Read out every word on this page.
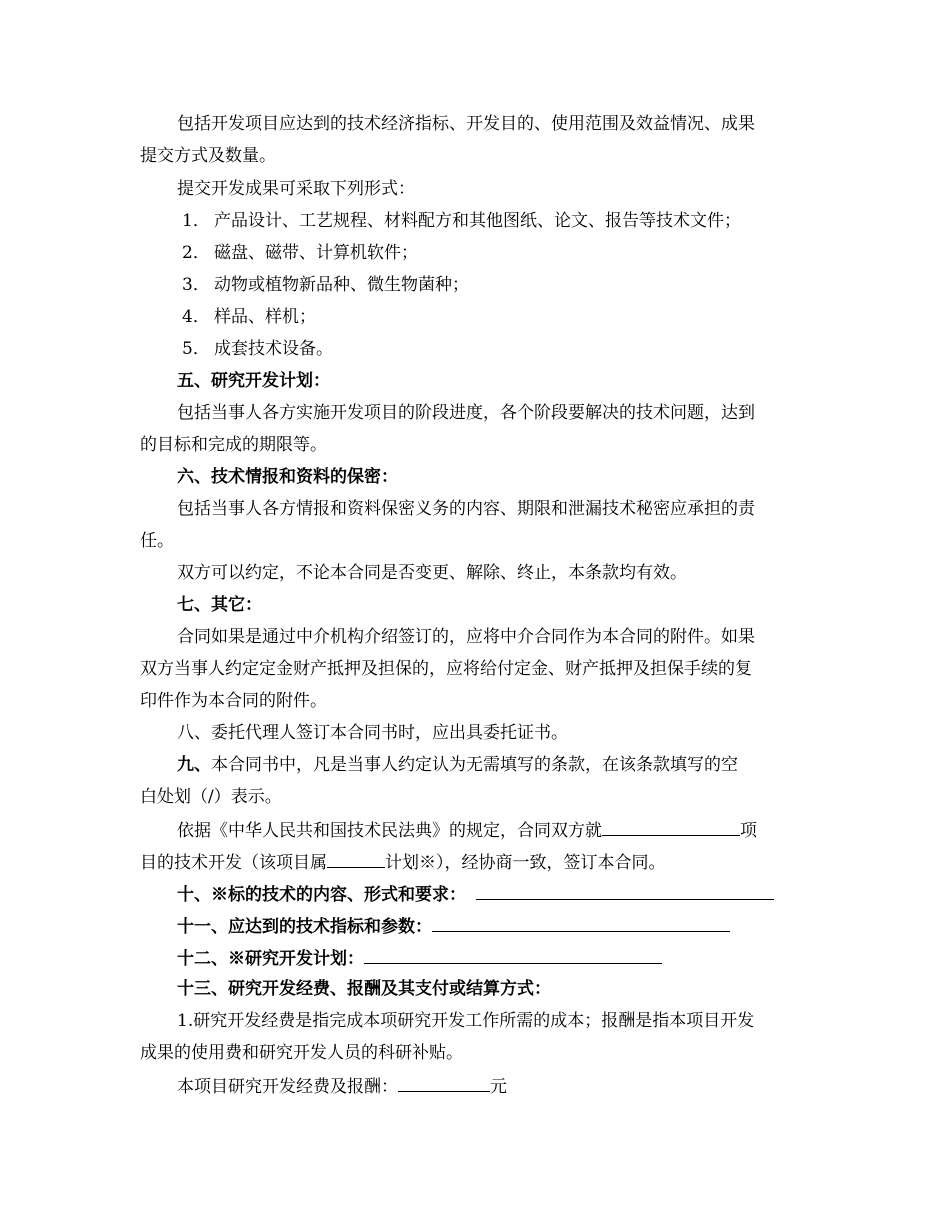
包括开发项目应达到的技术经济指标、开发目的、使用范围及效益情况、成果
提交方式及数量。
提交开发成果可采取下列形式：
1． 产品设计、工艺规程、材料配方和其他图纸、论文、报告等技术文件；
2． 磁盘、磁带、计算机软件；
3． 动物或植物新品种、微生物菌种；
4． 样品、样机；
5． 成套技术设备。
五、研究开发计划：
包括当事人各方实施开发项目的阶段进度，各个阶段要解决的技术问题，达到
的目标和完成的期限等。
六、技术情报和资料的保密：
包括当事人各方情报和资料保密义务的内容、期限和泄漏技术秘密应承担的责
任。
双方可以约定，不论本合同是否变更、解除、终止，本条款均有效。
七、其它：
合同如果是通过中介机构介绍签订的，应将中介合同作为本合同的附件。如果
双方当事人约定定金财产抵押及担保的，应将给付定金、财产抵押及担保手续的复
印件作为本合同的附件。
八、委托代理人签订本合同书时，应出具委托证书。
九、本合同书中，凡是当事人约定认为无需填写的条款，在该条款填写的空
白处划（/）表示。
依据《中华人民共和国技术民法典》的规定，合同双方就	项
目的技术开发（该项目属	计划※），经协商一致，签订本合同。
十、※标的技术的内容、形式和要求：
十一、应达到的技术指标和参数：
十二、※研究开发计划：
十三、研究开发经费、报酬及其支付或结算方式：
1.研究开发经费是指完成本项研究开发工作所需的成本；报酬是指本项目开发
成果的使用费和研究开发人员的科研补贴。
本项目研究开发经费及报酬：	元
